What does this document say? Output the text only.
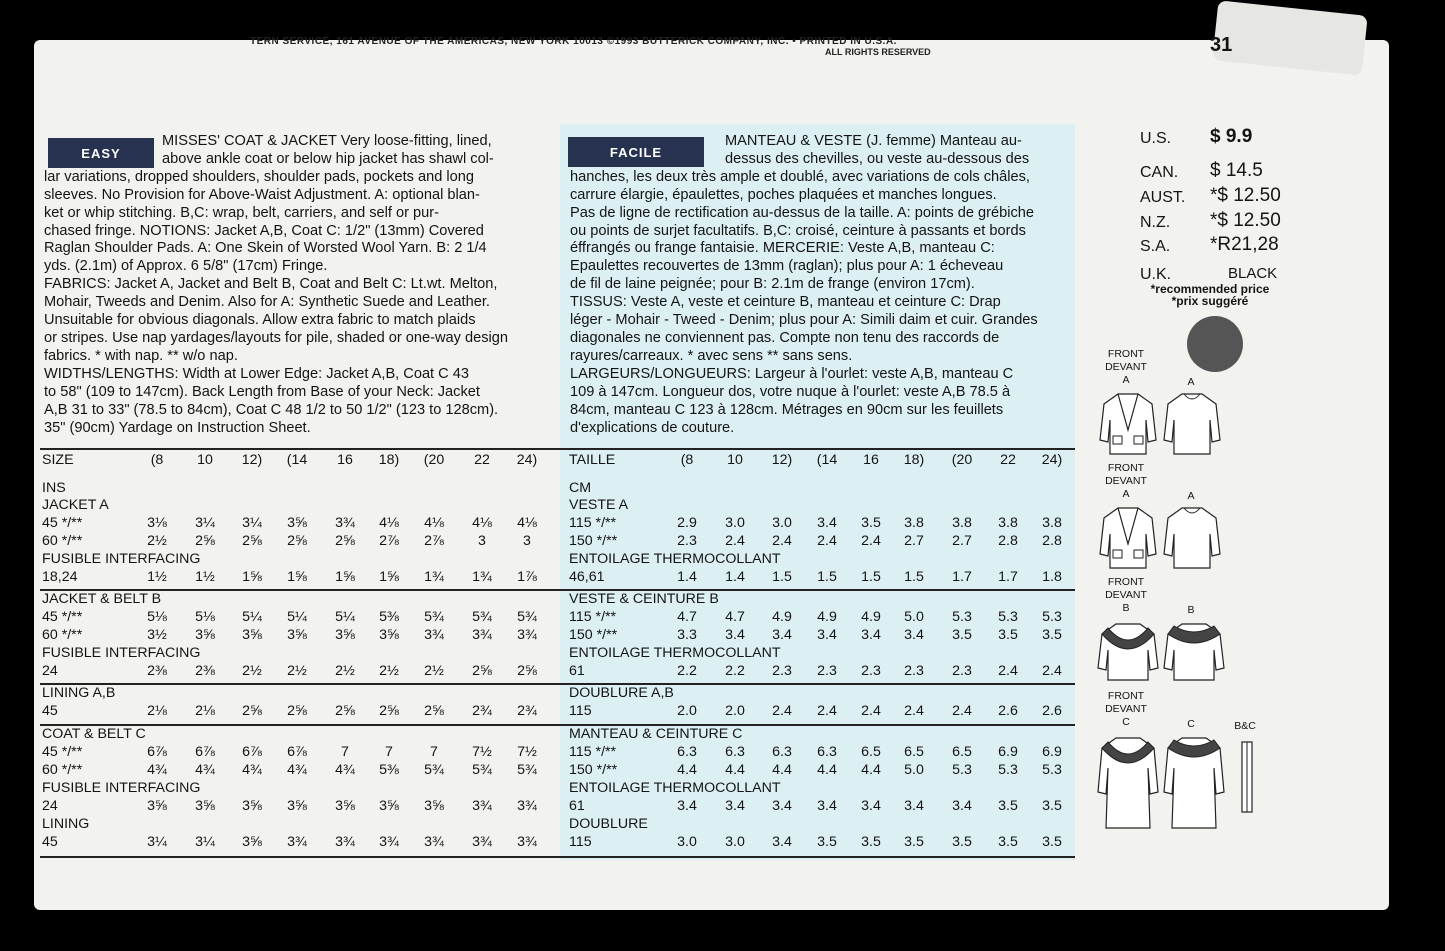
TERN SERVICE, 161 AVENUE OF THE AMERICAS, NEW YORK 10013 ©1993 BUTTERICK COMPANY, INC. • PRINTED IN U.S.A.
ALL RIGHTS RESERVED	31
EASY

MISSES' COAT & JACKET Very loose-fitting, lined,

above ankle coat or below hip jacket has shawl col-

lar variations, dropped shoulders, shoulder pads, pockets and long

sleeves. No Provision for Above-Waist Adjustment. A: optional blan-

ket or whip stitching. B,C: wrap, belt, carriers, and self or pur-

chased fringe. NOTIONS: Jacket A,B, Coat C: 1/2" (13mm) Covered

Raglan Shoulder Pads. A: One Skein of Worsted Wool Yarn. B: 2 1/4

yds. (2.1m) of Approx. 6 5/8" (17cm) Fringe.

FABRICS: Jacket A, Jacket and Belt B, Coat and Belt C: Lt.wt. Melton,

Mohair, Tweeds and Denim. Also for A: Synthetic Suede and Leather.

Unsuitable for obvious diagonals. Allow extra fabric to match plaids

or stripes. Use nap yardages/layouts for pile, shaded or one-way design

fabrics. * with nap. ** w/o nap.

WIDTHS/LENGTHS: Width at Lower Edge: Jacket A,B, Coat C 43

to 58" (109 to 147cm). Back Length from Base of your Neck: Jacket

A,B 31 to 33" (78.5 to 84cm), Coat C 48 1/2 to 50 1/2" (123 to 128cm).

35" (90cm) Yardage on Instruction Sheet.

FACILE

MANTEAU & VESTE (J. femme) Manteau au-

dessus des chevilles, ou veste au-dessous des

hanches, les deux très ample et doublé, avec variations de cols châles,

carrure élargie, épaulettes, poches plaquées et manches longues.

Pas de ligne de rectification au-dessus de la taille. A: points de grébiche

ou points de surjet facultatifs. B,C: croisé, ceinture à passants et bords

éffrangés ou frange fantaisie. MERCERIE: Veste A,B, manteau C:

Epaulettes recouvertes de 13mm (raglan); plus pour A: 1 écheveau

de fil de laine peignée; pour B: 2.1m de frange (environ 17cm).

TISSUS: Veste A, veste et ceinture B, manteau et ceinture C: Drap

léger - Mohair - Tweed - Denim; plus pour A: Simili daim et cuir. Grandes

diagonales ne conviennent pas. Compte non tenu des raccords de

rayures/carreaux. * avec sens ** sans sens.

LARGEURS/LONGUEURS: Largeur à l'ourlet: veste A,B, manteau C

109 à 147cm. Longueur dos, votre nuque à l'ourlet: veste A,B 78.5 à

84cm, manteau C 123 à 128cm. Métrages en 90cm sur les feuillets

d'explications de couture.

SIZE	(8	10	12)	(14	16	18)	(20	22	24)
INS
JACKET A
45 */**	3⅛	3¼	3¼	3⅝	3¾	4⅛	4⅛	4⅛	4⅛
60 */**	2½	2⅝	2⅝	2⅝	2⅝	2⅞	2⅞	3	3
FUSIBLE INTERFACING
18,24	1½	1½	1⅝	1⅝	1⅝	1⅝	1¾	1¾	1⅞
JACKET & BELT B
45 */**	5⅛	5⅛	5¼	5¼	5¼	5⅜	5¾	5¾	5¾
60 */**	3½	3⅝	3⅝	3⅝	3⅝	3⅝	3¾	3¾	3¾
FUSIBLE INTERFACING
24	2⅜	2⅜	2½	2½	2½	2½	2½	2⅝	2⅝
LINING A,B
45	2⅛	2⅛	2⅝	2⅝	2⅝	2⅝	2⅝	2¾	2¾
COAT & BELT C
45 */**	6⅞	6⅞	6⅞	6⅞	7	7	7	7½	7½
60 */**	4¾	4¾	4¾	4¾	4¾	5⅜	5¾	5¾	5¾
FUSIBLE INTERFACING
24	3⅝	3⅝	3⅝	3⅝	3⅝	3⅝	3⅝	3¾	3¾
LINING
45	3¼	3¼	3⅝	3¾	3¾	3¾	3¾	3¾	3¾
TAILLE	(8	10	12)	(14	16	18)	(20	22	24)
CM
VESTE A
115 */**	2.9	3.0	3.0	3.4	3.5	3.8	3.8	3.8	3.8
150 */**	2.3	2.4	2.4	2.4	2.4	2.7	2.7	2.8	2.8
ENTOILAGE THERMOCOLLANT
46,61	1.4	1.4	1.5	1.5	1.5	1.5	1.7	1.7	1.8
VESTE & CEINTURE B
115 */**	4.7	4.7	4.9	4.9	4.9	5.0	5.3	5.3	5.3
150 */**	3.3	3.4	3.4	3.4	3.4	3.4	3.5	3.5	3.5
ENTOILAGE THERMOCOLLANT
61	2.2	2.2	2.3	2.3	2.3	2.3	2.3	2.4	2.4
DOUBLURE A,B
115	2.0	2.0	2.4	2.4	2.4	2.4	2.4	2.6	2.6
MANTEAU & CEINTURE C
115 */**	6.3	6.3	6.3	6.3	6.5	6.5	6.5	6.9	6.9
150 */**	4.4	4.4	4.4	4.4	4.4	5.0	5.3	5.3	5.3
ENTOILAGE THERMOCOLLANT
61	3.4	3.4	3.4	3.4	3.4	3.4	3.4	3.5	3.5
DOUBLURE
115	3.0	3.0	3.4	3.5	3.5	3.5	3.5	3.5	3.5
U.S. $ 9.9
CAN. $ 14.5
AUST. *$ 12.50
N.Z. *$ 12.50
S.A. *R21,28
U.K.	BLACK
*recommended price
*prix suggéré
FRONT
DEVANT
A	A
FRONT
DEVANT
A	A
FRONT
DEVANT
B	B
FRONT
DEVANT
C	C	B&C
